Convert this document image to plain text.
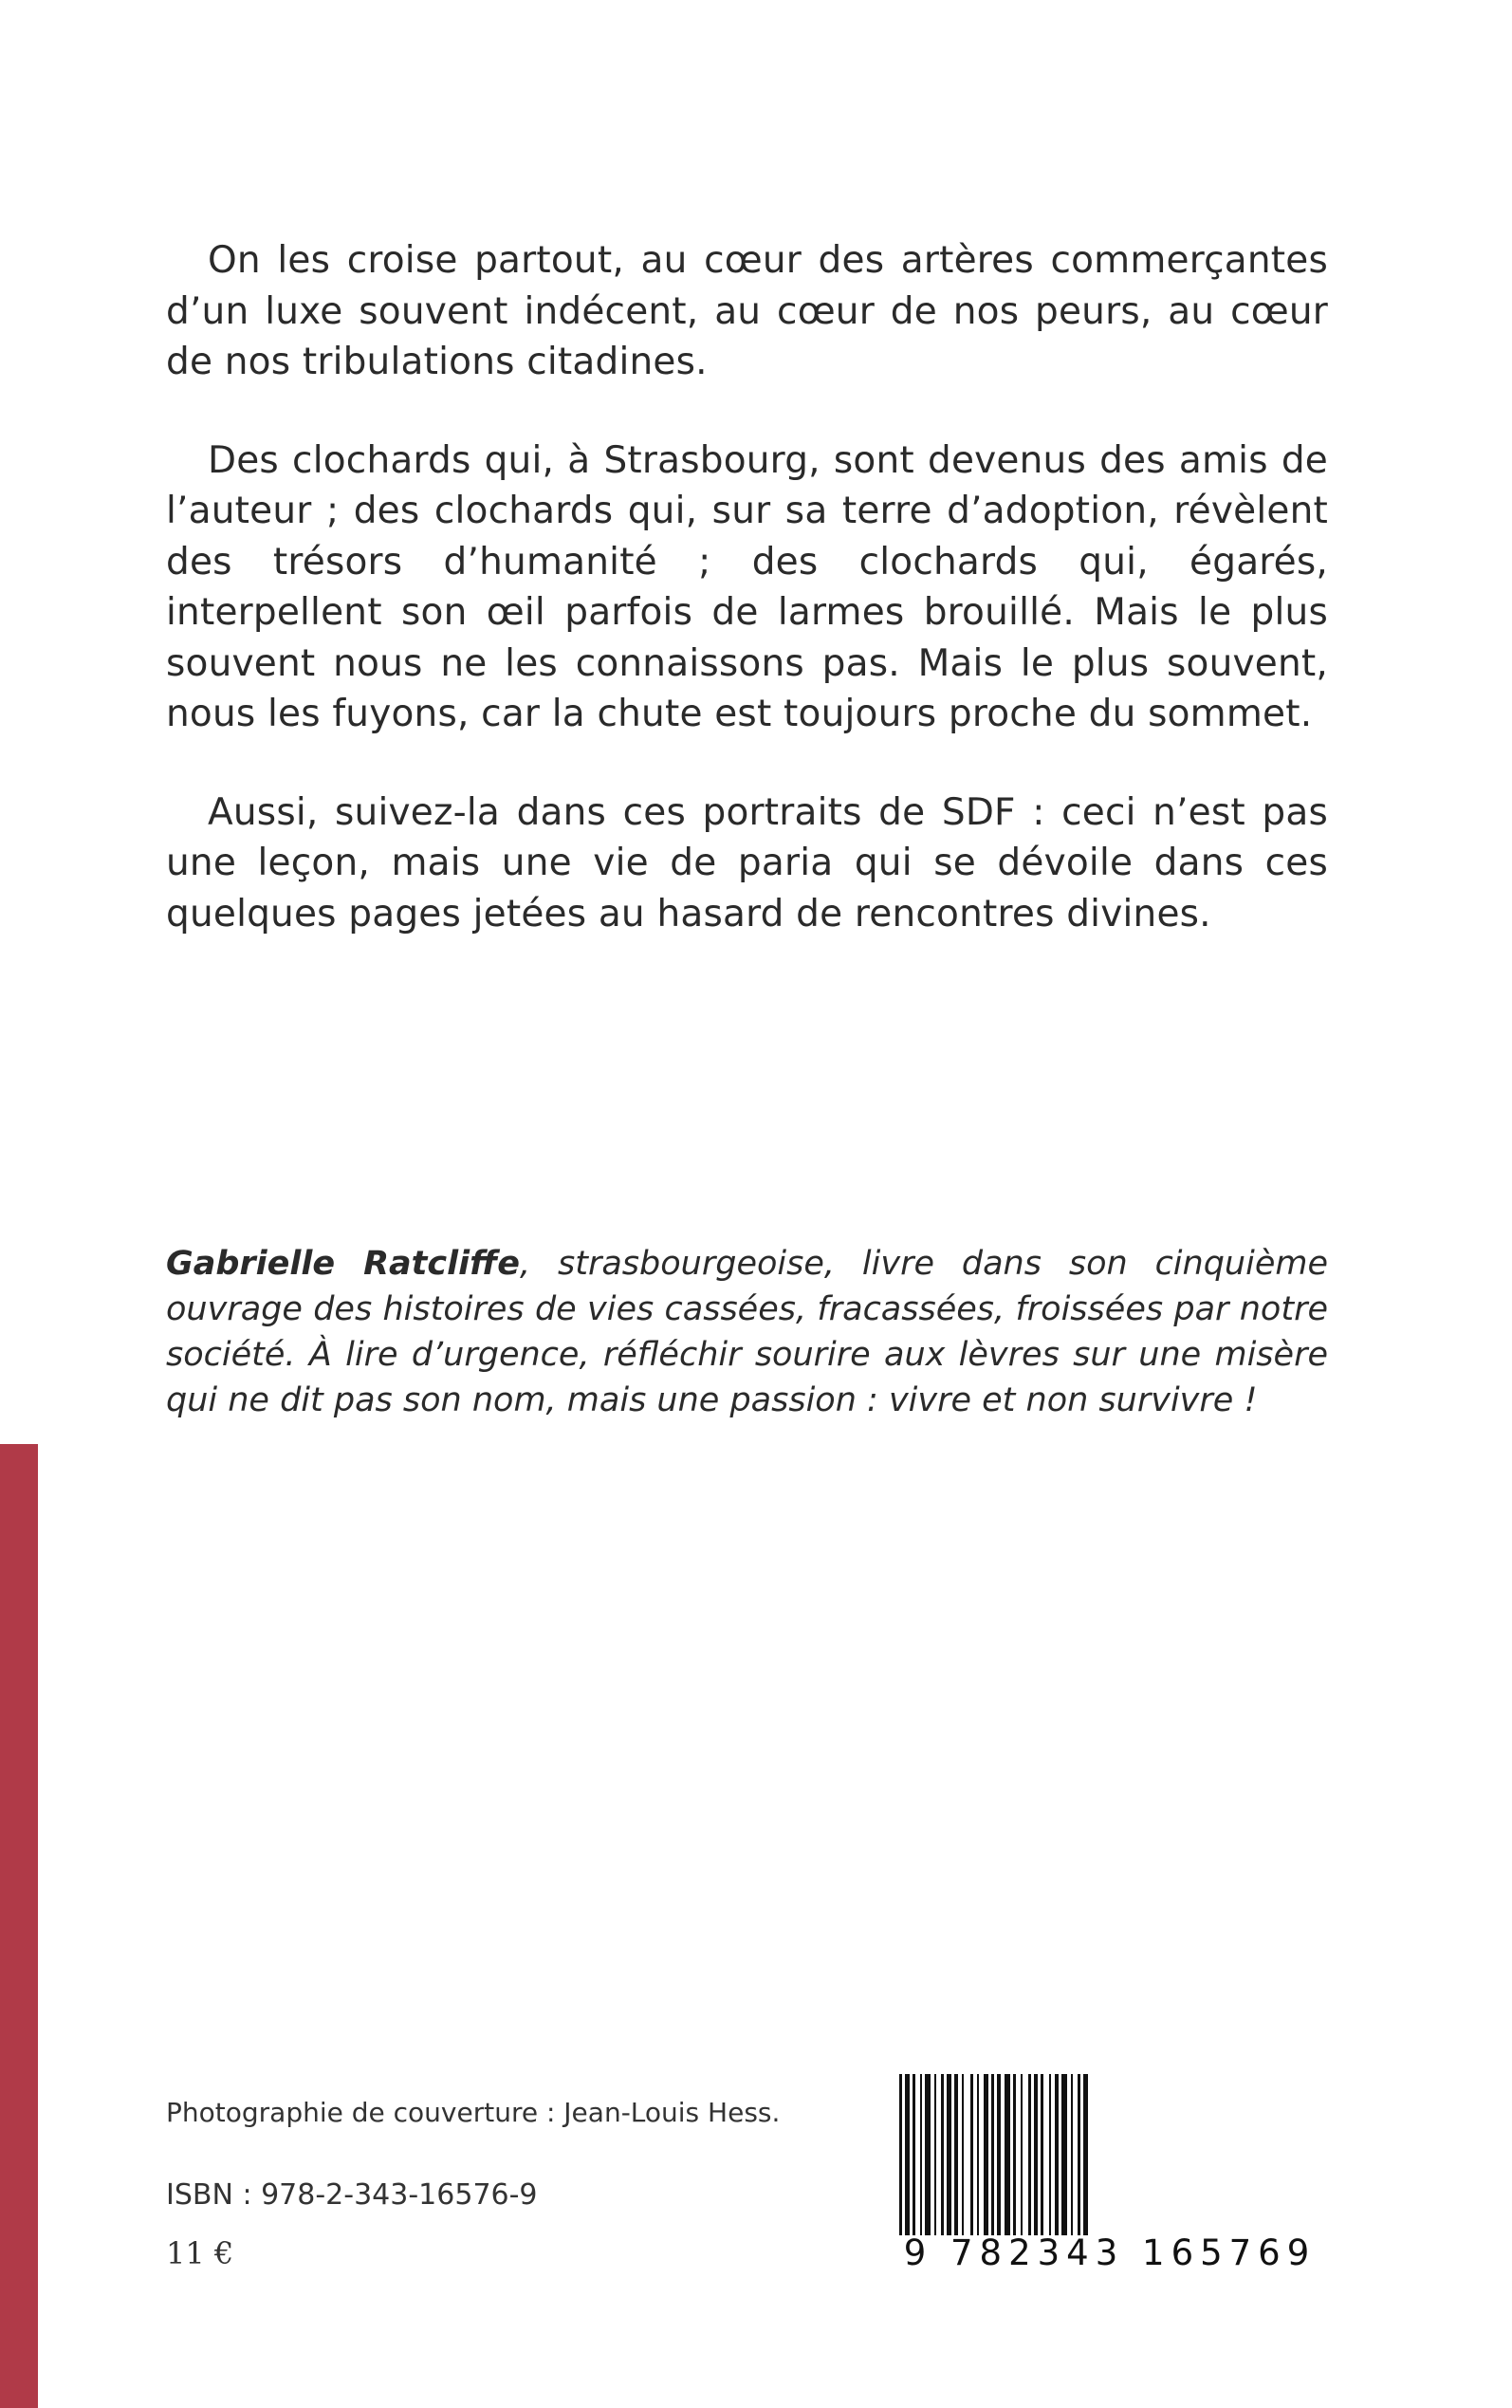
On les croise partout, au cœur des artères commerçantes d’un luxe souvent indécent, au cœur de nos peurs, au cœur de nos tribulations citadines.

Des clochards qui, à Strasbourg, sont devenus des amis de l’auteur ; des clochards qui, sur sa terre d’adoption, révèlent des trésors d’humanité ; des clochards qui, égarés, interpellent son œil parfois de larmes brouillé. Mais le plus souvent nous ne les connaissons pas. Mais le plus souvent, nous les fuyons, car la chute est toujours proche du sommet.

Aussi, suivez-la dans ces portraits de SDF : ceci n’est pas une leçon, mais une vie de paria qui se dévoile dans ces quelques pages jetées au hasard de rencontres divines.

Gabrielle Ratcliffe, strasbourgeoise, livre dans son cinquième ouvrage des histoires de vies cassées, fracassées, froissées par notre société. À lire d’urgence, réfléchir sourire aux lèvres sur une misère qui ne dit pas son nom, mais une passion : vivre et non survivre !
Photographie de couverture : Jean-Louis Hess.
ISBN : 978-2-343-16576-9
11 €	9 782343 165769
